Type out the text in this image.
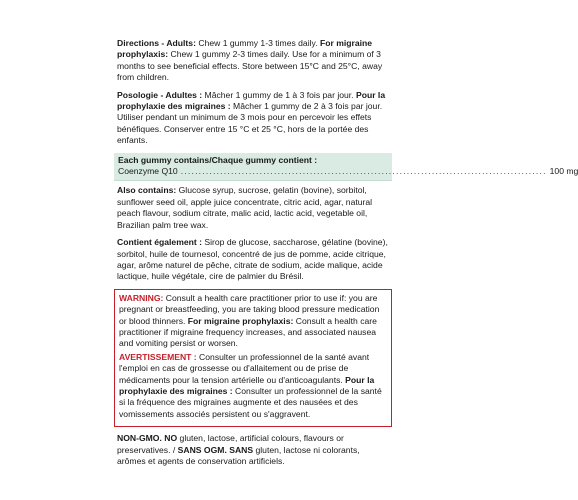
Directions - Adults: Chew 1 gummy 1-3 times daily. For migraine prophylaxis: Chew 1 gummy 2-3 times daily. Use for a minimum of 3 months to see beneficial effects. Store between 15°C and 25°C, away from children.

Posologie - Adultes : Mâcher 1 gummy de 1 à 3 fois par jour. Pour la prophylaxie des migraines : Mâcher 1 gummy de 2 à 3 fois par jour. Utiliser pendant un minimum de 3 mois pour en percevoir les effets bénéfiques. Conserver entre 15 °C et 25 °C, hors de la portée des enfants.

Each gummy contains/Chaque gummy contient :
Coenzyme Q10 ...................................................................................................... 100 mg

Also contains: Glucose syrup, sucrose, gelatin (bovine), sorbitol, sunflower seed oil, apple juice concentrate, citric acid, agar, natural peach flavour, sodium citrate, malic acid, lactic acid, vegetable oil, Brazilian palm tree wax.

Contient également : Sirop de glucose, saccharose, gélatine (bovine), sorbitol, huile de tournesol, concentré de jus de pomme, acide citrique, agar, arôme naturel de pêche, citrate de sodium, acide malique, acide lactique, huile végétale, cire de palmier du Brésil.

WARNING: Consult a health care practitioner prior to use if: you are pregnant or breastfeeding, you are taking blood pressure medication or blood thinners. For migraine prophylaxis: Consult a health care practitioner if migraine frequency increases, and associated nausea and vomiting persist or worsen.

AVERTISSEMENT : Consulter un professionnel de la santé avant l'emploi en cas de grossesse ou d'allaitement ou de prise de médicaments pour la tension artérielle ou d'anticoagulants. Pour la prophylaxie des migraines : Consulter un professionnel de la santé si la fréquence des migraines augmente et des nausées et des vomissements associés persistent ou s'aggravent.

NON-GMO. NO gluten, lactose, artificial colours, flavours or preservatives. / SANS OGM. SANS gluten, lactose ni colorants, arômes et agents de conservation artificiels.
